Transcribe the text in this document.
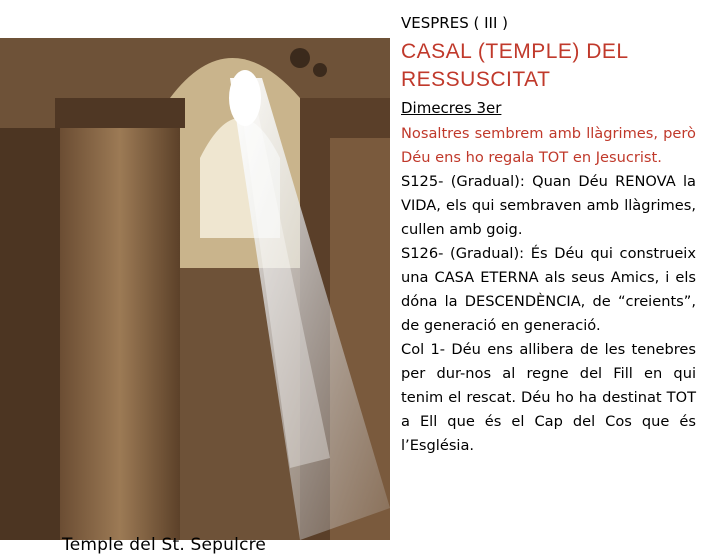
Temple del St. Sepulcre
VESPRES ( III )
CASAL (TEMPLE) DEL RESSUSCITAT
Dimecres 3er

Nosaltres sembrem amb llàgrimes, però Déu ens ho regala TOT en Jesucrist.

S125- (Gradual): Quan Déu RENOVA la VIDA, els qui sembraven amb llàgrimes, cullen amb goig.

S126- (Gradual): És Déu qui construeix una CASA ETERNA als seus Amics, i els dóna la DESCENDÈNCIA, de “creients”, de generació en generació.

Col 1- Déu ens allibera de les tenebres per dur-nos al regne del Fill en qui tenim el rescat. Déu ho ha destinat TOT a Ell que és el Cap del Cos que és l’Església.
